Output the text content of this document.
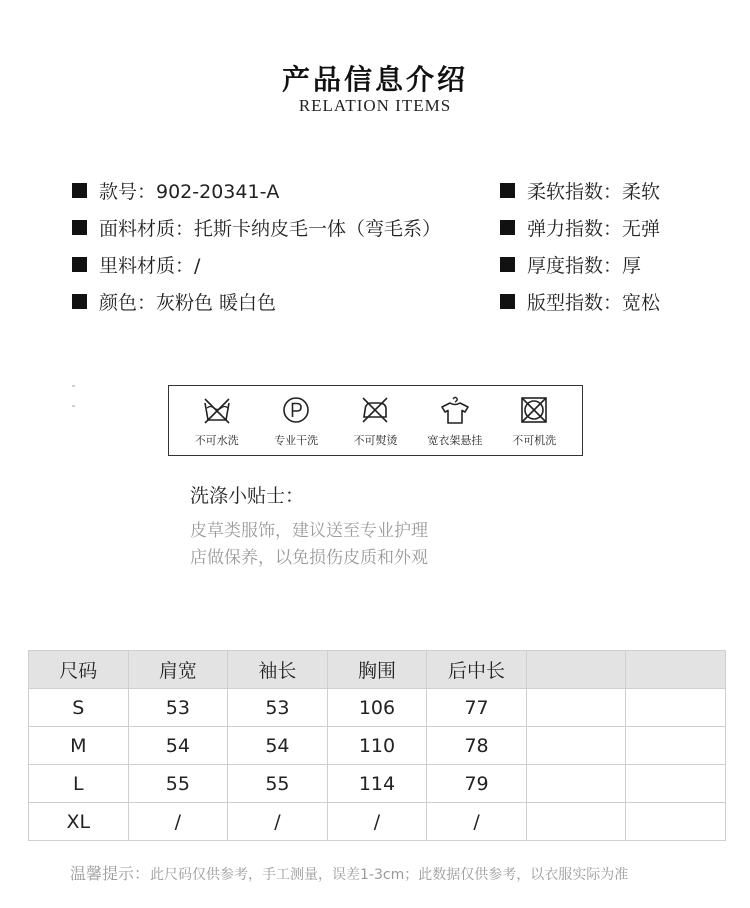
产品信息介绍
RELATION ITEMS
款号：902-20341-A
面料材质：托斯卡纳皮毛一体（弯毛系）
里料材质：/
颜色：灰粉色 暖白色
柔软指数：柔软
弹力指数：无弹
厚度指数：厚
版型指数：宽松
不可水洗	专业干洗	不可熨烫	宽衣架悬挂	不可机洗
洗涤小贴士：
皮草类服饰，建议送至专业护理
店做保养，以免损伤皮质和外观
尺码	肩宽	袖长	胸围	后中长		
S	53	53	106	77		
M	54	54	110	78		
L	55	55	114	79		
XL	/	/	/	/		
温馨提示：此尺码仅供参考，手工测量，误差1-3cm；此数据仅供参考，以衣服实际为准
